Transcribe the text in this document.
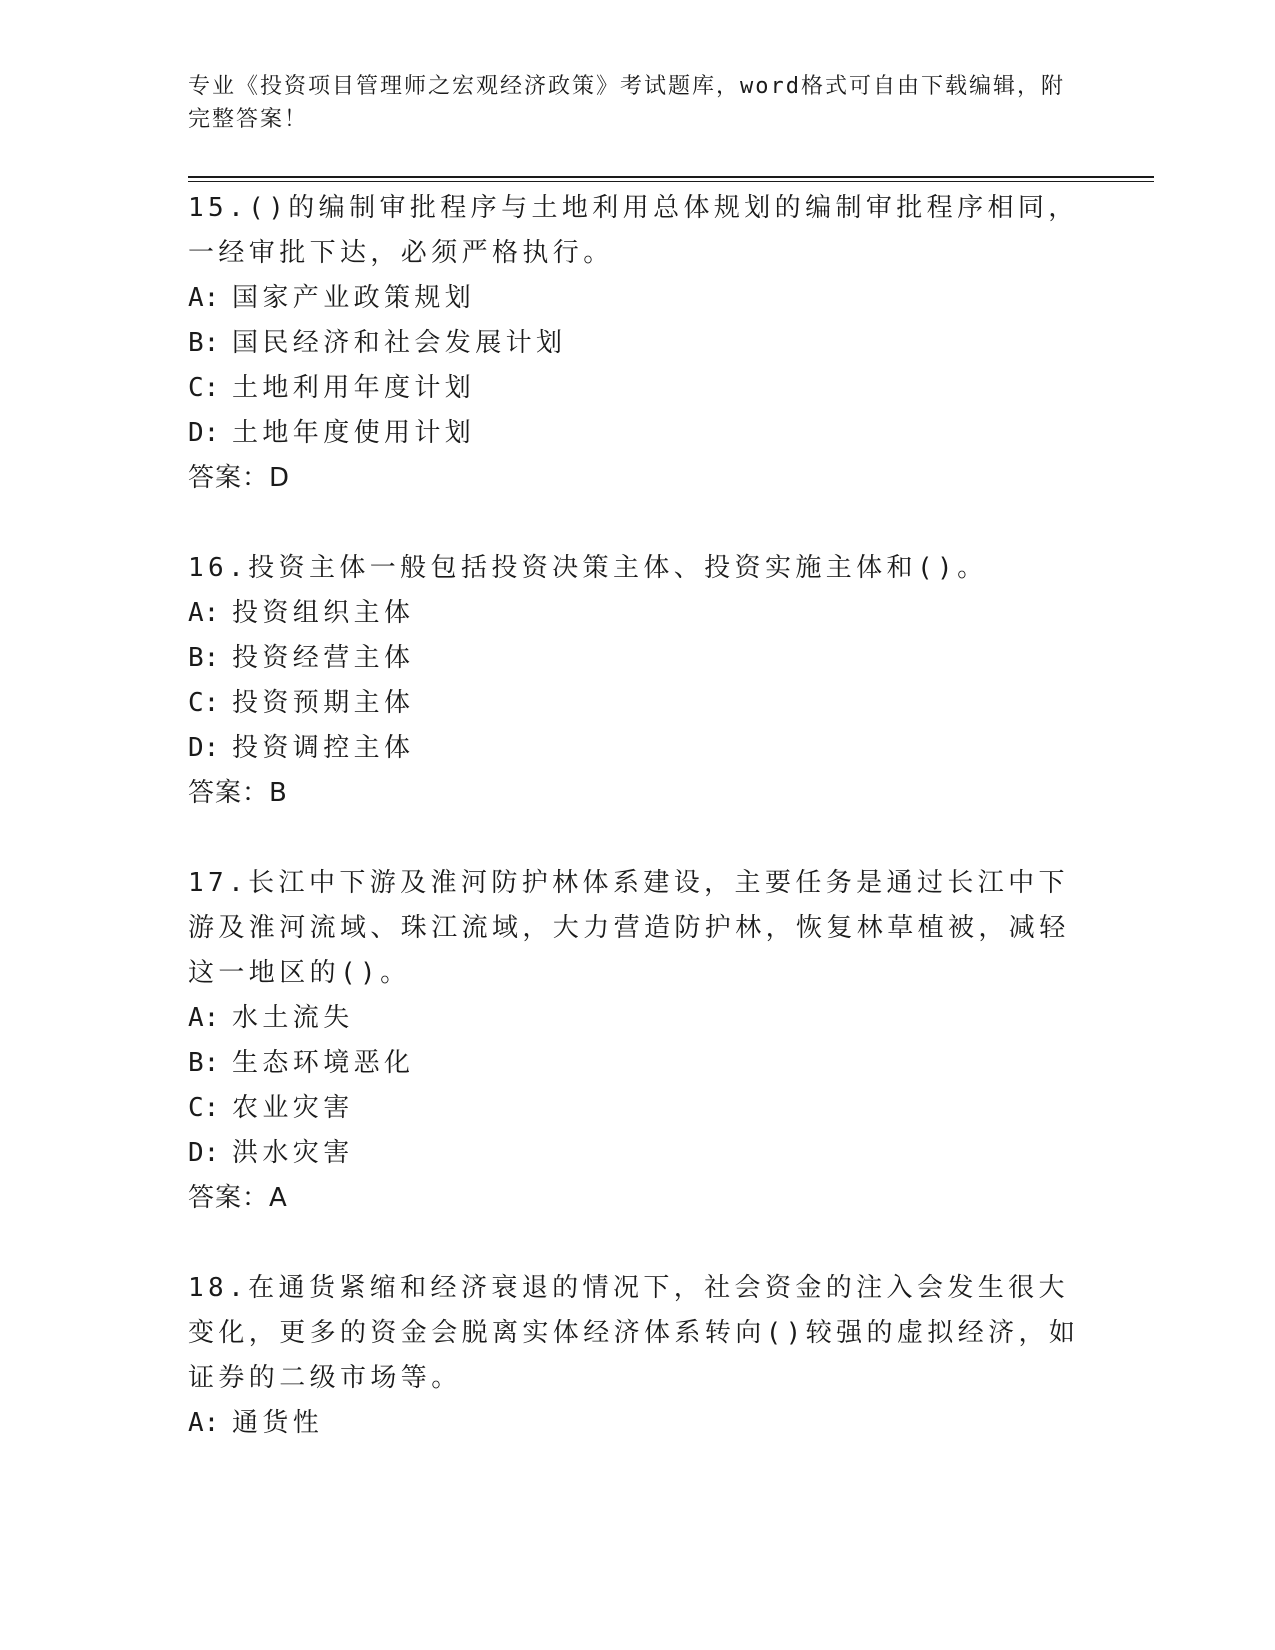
专业《投资项目管理师之宏观经济政策》考试题库，word格式可自由下载编辑，附完整答案！

15.()的编制审批程序与土地利用总体规划的编制审批程序相同，一经审批下达，必须严格执行。

A: 国家产业政策规划

B: 国民经济和社会发展计划

C: 土地利用年度计划

D: 土地年度使用计划

答案：D

16.投资主体一般包括投资决策主体、投资实施主体和()。

A: 投资组织主体

B: 投资经营主体

C: 投资预期主体

D: 投资调控主体

答案：B

17.长江中下游及淮河防护林体系建设，主要任务是通过长江中下游及淮河流域、珠江流域，大力营造防护林，恢复林草植被，减轻这一地区的()。

A: 水土流失

B: 生态环境恶化

C: 农业灾害

D: 洪水灾害

答案：A

18.在通货紧缩和经济衰退的情况下，社会资金的注入会发生很大变化，更多的资金会脱离实体经济体系转向()较强的虚拟经济，如证券的二级市场等。

A: 通货性
